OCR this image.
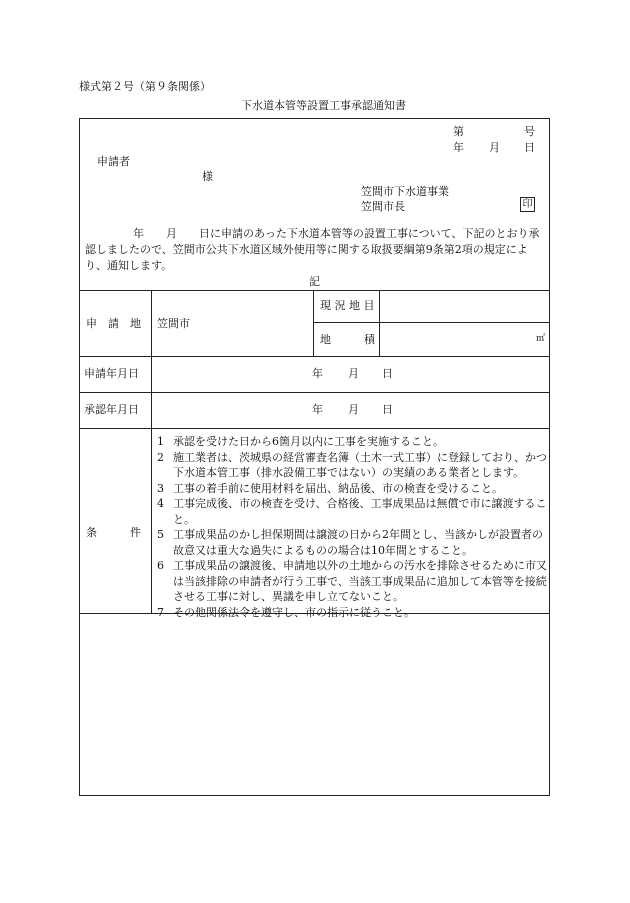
様式第２号（第９条関係）
下水道本管等設置工事承認通知書
第	号
年 月 日
申請者
様
笠間市下水道事業
笠間市長	印
年　　月　　日に申請のあった下水道本管等の設置工事について、下記のとおり承認しましたので、笠間市公共下水道区域外使用等に関する取扱要綱第9条第2項の規定により、通知します。
記
申　請　地 笠間市
現 況 地 目
地　　　積	㎡
申請年月日	年 月 日
承認年月日	年 月 日
条　　　件
1 承認を受けた日から6箇月以内に工事を実施すること。
2 施工業者は、茨城県の経営審査名簿（土木一式工事）に登録しており、かつ下水道本管工事（排水設備工事ではない）の実績のある業者とします。
3 工事の着手前に使用材料を届出、納品後、市の検査を受けること。
4 工事完成後、市の検査を受け、合格後、工事成果品は無償で市に譲渡すること。
5 工事成果品のかし担保期間は譲渡の日から2年間とし、当該かしが設置者の故意又は重大な過失によるものの場合は10年間とすること。
6 工事成果品の譲渡後、申請地以外の土地からの汚水を排除させるために市又は当該排除の申請者が行う工事で、当該工事成果品に追加して本管等を接続させる工事に対し、異議を申し立てないこと。
7 その他関係法令を遵守し、市の指示に従うこと。
